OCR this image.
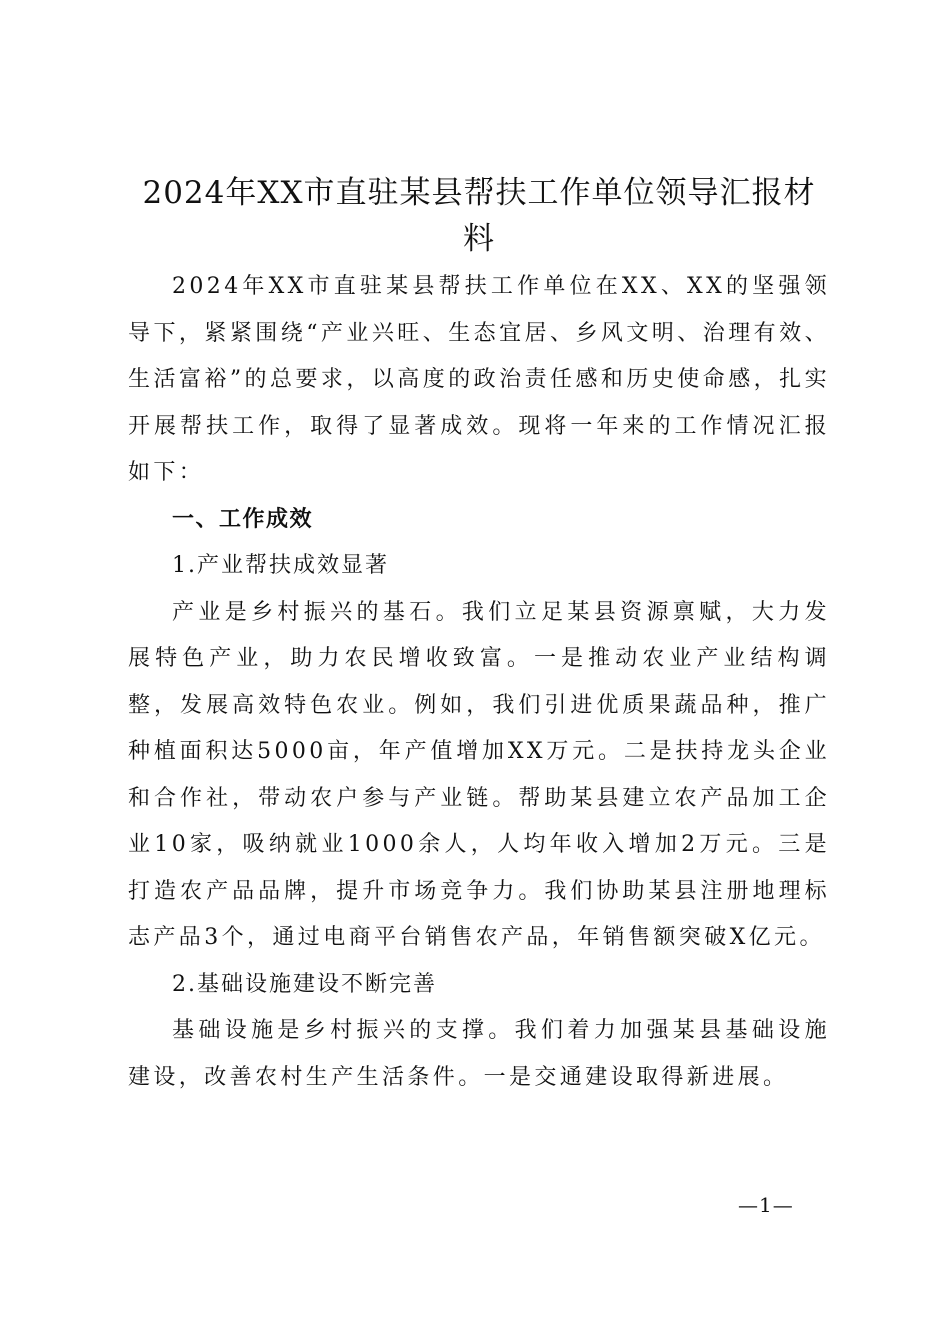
2024年XX市直驻某县帮扶工作单位领导汇报材料

2024年XX市直驻某县帮扶工作单位在XX、XX的坚强领导下，紧紧围绕“产业兴旺、生态宜居、乡风文明、治理有效、生活富裕”的总要求，以高度的政治责任感和历史使命感，扎实开展帮扶工作，取得了显著成效。现将一年来的工作情况汇报如下：

一、工作成效

1.产业帮扶成效显著

产业是乡村振兴的基石。我们立足某县资源禀赋，大力发展特色产业，助力农民增收致富。一是推动农业产业结构调整，发展高效特色农业。例如，我们引进优质果蔬品种，推广种植面积达5000亩，年产值增加XX万元。二是扶持龙头企业和合作社，带动农户参与产业链。帮助某县建立农产品加工企业10家，吸纳就业1000余人，人均年收入增加2万元。三是打造农产品品牌，提升市场竞争力。我们协助某县注册地理标志产品3个，通过电商平台销售农产品，年销售额突破X亿元。

2.基础设施建设不断完善

基础设施是乡村振兴的支撑。我们着力加强某县基础设施建设，改善农村生产生活条件。一是交通建设取得新进展。

—1—
